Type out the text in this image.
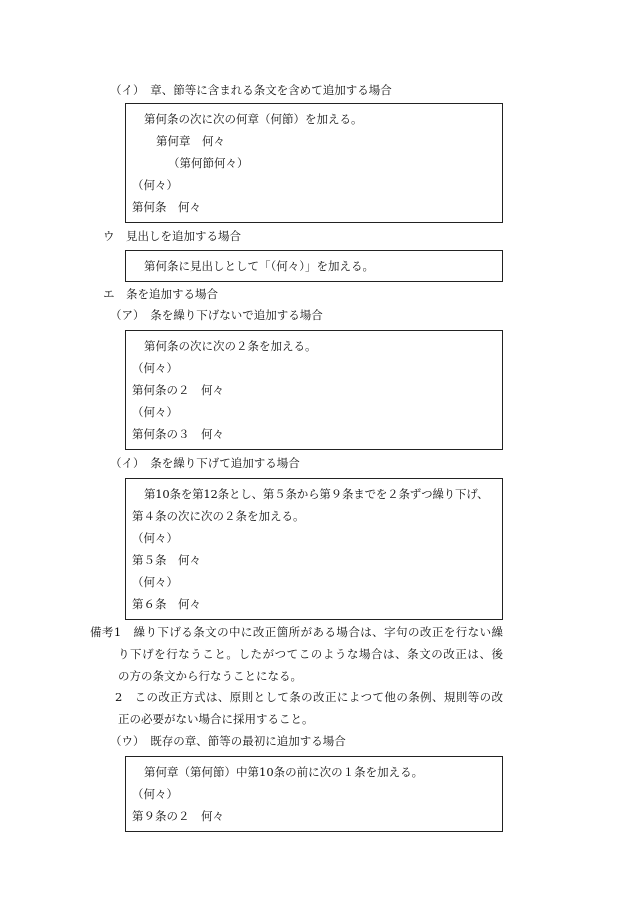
（イ）　章、節等に含まれる条文を含めて追加する場合
第何条の次に次の何章（何節）を加える。
第何章　何々
（第何節何々）
（何々）
第何条　何々
ウ　見出しを追加する場合
第何条に見出しとして「（何々）」を加える。
エ　条を追加する場合
（ア）　条を繰り下げないで追加する場合
第何条の次に次の２条を加える。
（何々）
第何条の２　何々
（何々）
第何条の３　何々
（イ）　条を繰り下げて追加する場合
第10条を第12条とし、第５条から第９条までを２条ずつ繰り下げ、
第４条の次に次の２条を加える。
（何々）
第５条　何々
（何々）
第６条　何々
備考1　繰り下げる条文の中に改正箇所がある場合は、字句の改正を行ない繰
り下げを行なうこと。したがつてこのような場合は、条文の改正は、後
の方の条文から行なうことになる。
2　この改正方式は、原則として条の改正によつて他の条例、規則等の改
正の必要がない場合に採用すること。
（ウ）　既存の章、節等の最初に追加する場合
第何章（第何節）中第10条の前に次の１条を加える。
（何々）
第９条の２　何々
